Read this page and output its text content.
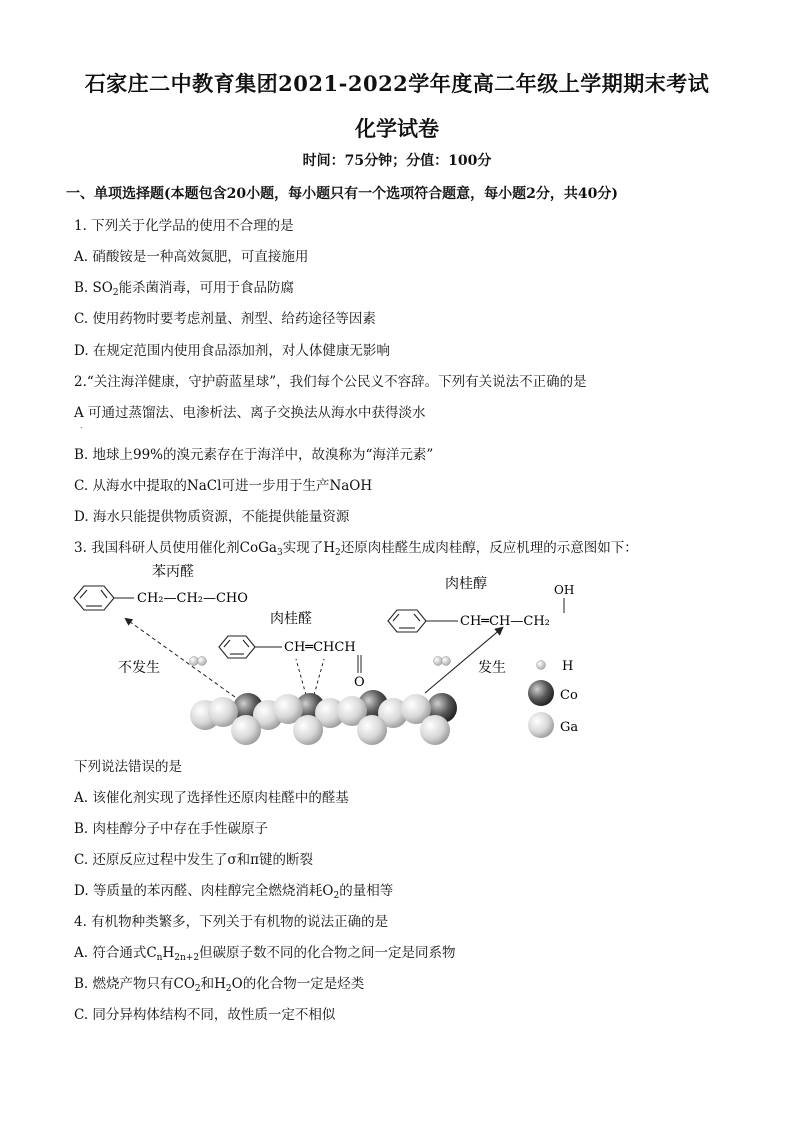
石家庄二中教育集团2021-2022学年度高二年级上学期期末考试
化学试卷
时间：75分钟；分值：100分
一、单项选择题(本题包含20小题，每小题只有一个选项符合题意，每小题2分，共40分)
1. 下列关于化学品的使用不合理的是
A. 硝酸铵是一种高效氮肥，可直接施用
B. $SO_2$能杀菌消毒，可用于食品防腐
C. 使用药物时要考虑剂量、剂型、给药途径等因素
D. 在规定范围内使用食品添加剂，对人体健康无影响
2.“关注海洋健康，守护蔚蓝星球”，我们每个公民义不容辞。下列有关说法不正确的是
A 可通过蒸馏法、电渗析法、离子交换法从海水中获得淡水
.
B. 地球上99%的溴元素存在于海洋中，故溴称为“海洋元素”
C. 从海水中提取的NaCl可进一步用于生产NaOH
D. 海水只能提供物质资源，不能提供能量资源
3. 我国科研人员使用催化剂CoGa$_3$实现了$H_2$还原肉桂醛生成肉桂醇，反应机理的示意图如下：
苯丙醛
CH₂—CH₂—CHO
肉桂醛
CH═CHCH
O
肉桂醇
CH═CH—CH₂
OH
不发生	发生	H
Co
Ga
下列说法错误的是
A. 该催化剂实现了选择性还原肉桂醛中的醛基
B. 肉桂醇分子中存在手性碳原子
C. 还原反应过程中发生了σ和π键的断裂
D. 等质量的苯丙醛、肉桂醇完全燃烧消耗$O_2$的量相等
4. 有机物种类繁多，下列关于有机物的说法正确的是
A. 符合通式$C_nH_{2n+2}$但碳原子数不同的化合物之间一定是同系物
B. 燃烧产物只有$CO_2$和$H_2O$的化合物一定是烃类
C. 同分异构体结构不同，故性质一定不相似
